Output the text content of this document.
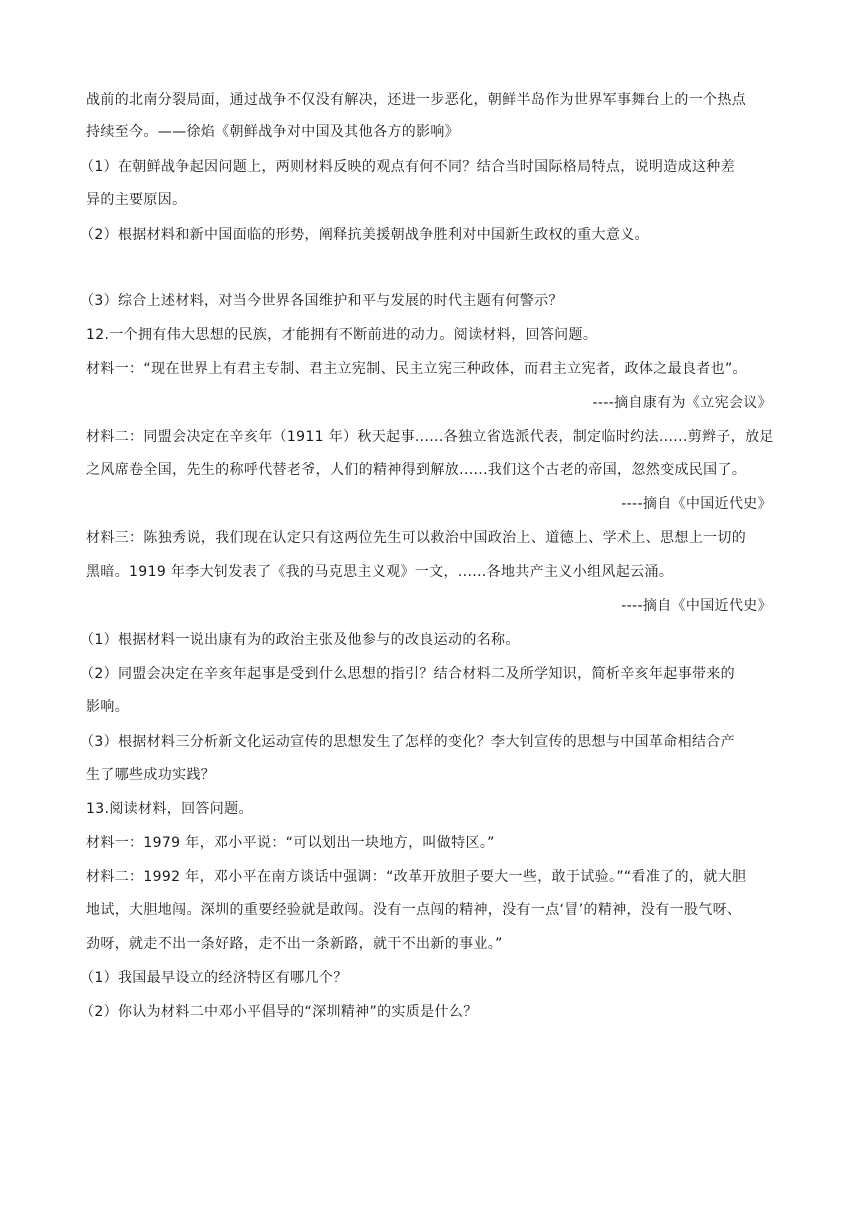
战前的北南分裂局面，通过战争不仅没有解决，还进一步恶化，朝鲜半岛作为世界军事舞台上的一个热点
持续至今。——徐焰《朝鲜战争对中国及其他各方的影响》
（1）在朝鲜战争起因问题上，两则材料反映的观点有何不同？结合当时国际格局特点，说明造成这种差
异的主要原因。
（2）根据材料和新中国面临的形势，阐释抗美援朝战争胜利对中国新生政权的重大意义。
（3）综合上述材料，对当今世界各国维护和平与发展的时代主题有何警示？
12.一个拥有伟大思想的民族，才能拥有不断前进的动力。阅读材料，回答问题。
材料一：“现在世界上有君主专制、君主立宪制、民主立宪三种政体，而君主立宪者，政体之最良者也”。
----摘自康有为《立宪会议》
材料二：同盟会决定在辛亥年（1911 年）秋天起事......各独立省选派代表，制定临时约法......剪辫子，放足
之风席卷全国，先生的称呼代替老爷，人们的精神得到解放......我们这个古老的帝国，忽然变成民国了。
----摘自《中国近代史》
材料三：陈独秀说，我们现在认定只有这两位先生可以救治中国政治上、道德上、学术上、思想上一切的
黑暗。1919 年李大钊发表了《我的马克思主义观》一文，......各地共产主义小组风起云涌。
----摘自《中国近代史》
（1）根据材料一说出康有为的政治主张及他参与的改良运动的名称。
（2）同盟会决定在辛亥年起事是受到什么思想的指引？结合材料二及所学知识，简析辛亥年起事带来的
影响。
（3）根据材料三分析新文化运动宣传的思想发生了怎样的变化？李大钊宣传的思想与中国革命相结合产
生了哪些成功实践？
13.阅读材料，回答问题。
材料一：1979 年，邓小平说：“可以划出一块地方，叫做特区。”
材料二：1992 年，邓小平在南方谈话中强调：“改革开放胆子要大一些，敢于试验。”“看准了的，就大胆
地试，大胆地闯。深圳的重要经验就是敢闯。没有一点闯的精神，没有一点‘冒’的精神，没有一股气呀、
劲呀，就走不出一条好路，走不出一条新路，就干不出新的事业。”
（1）我国最早设立的经济特区有哪几个？
（2）你认为材料二中邓小平倡导的“深圳精神”的实质是什么？
